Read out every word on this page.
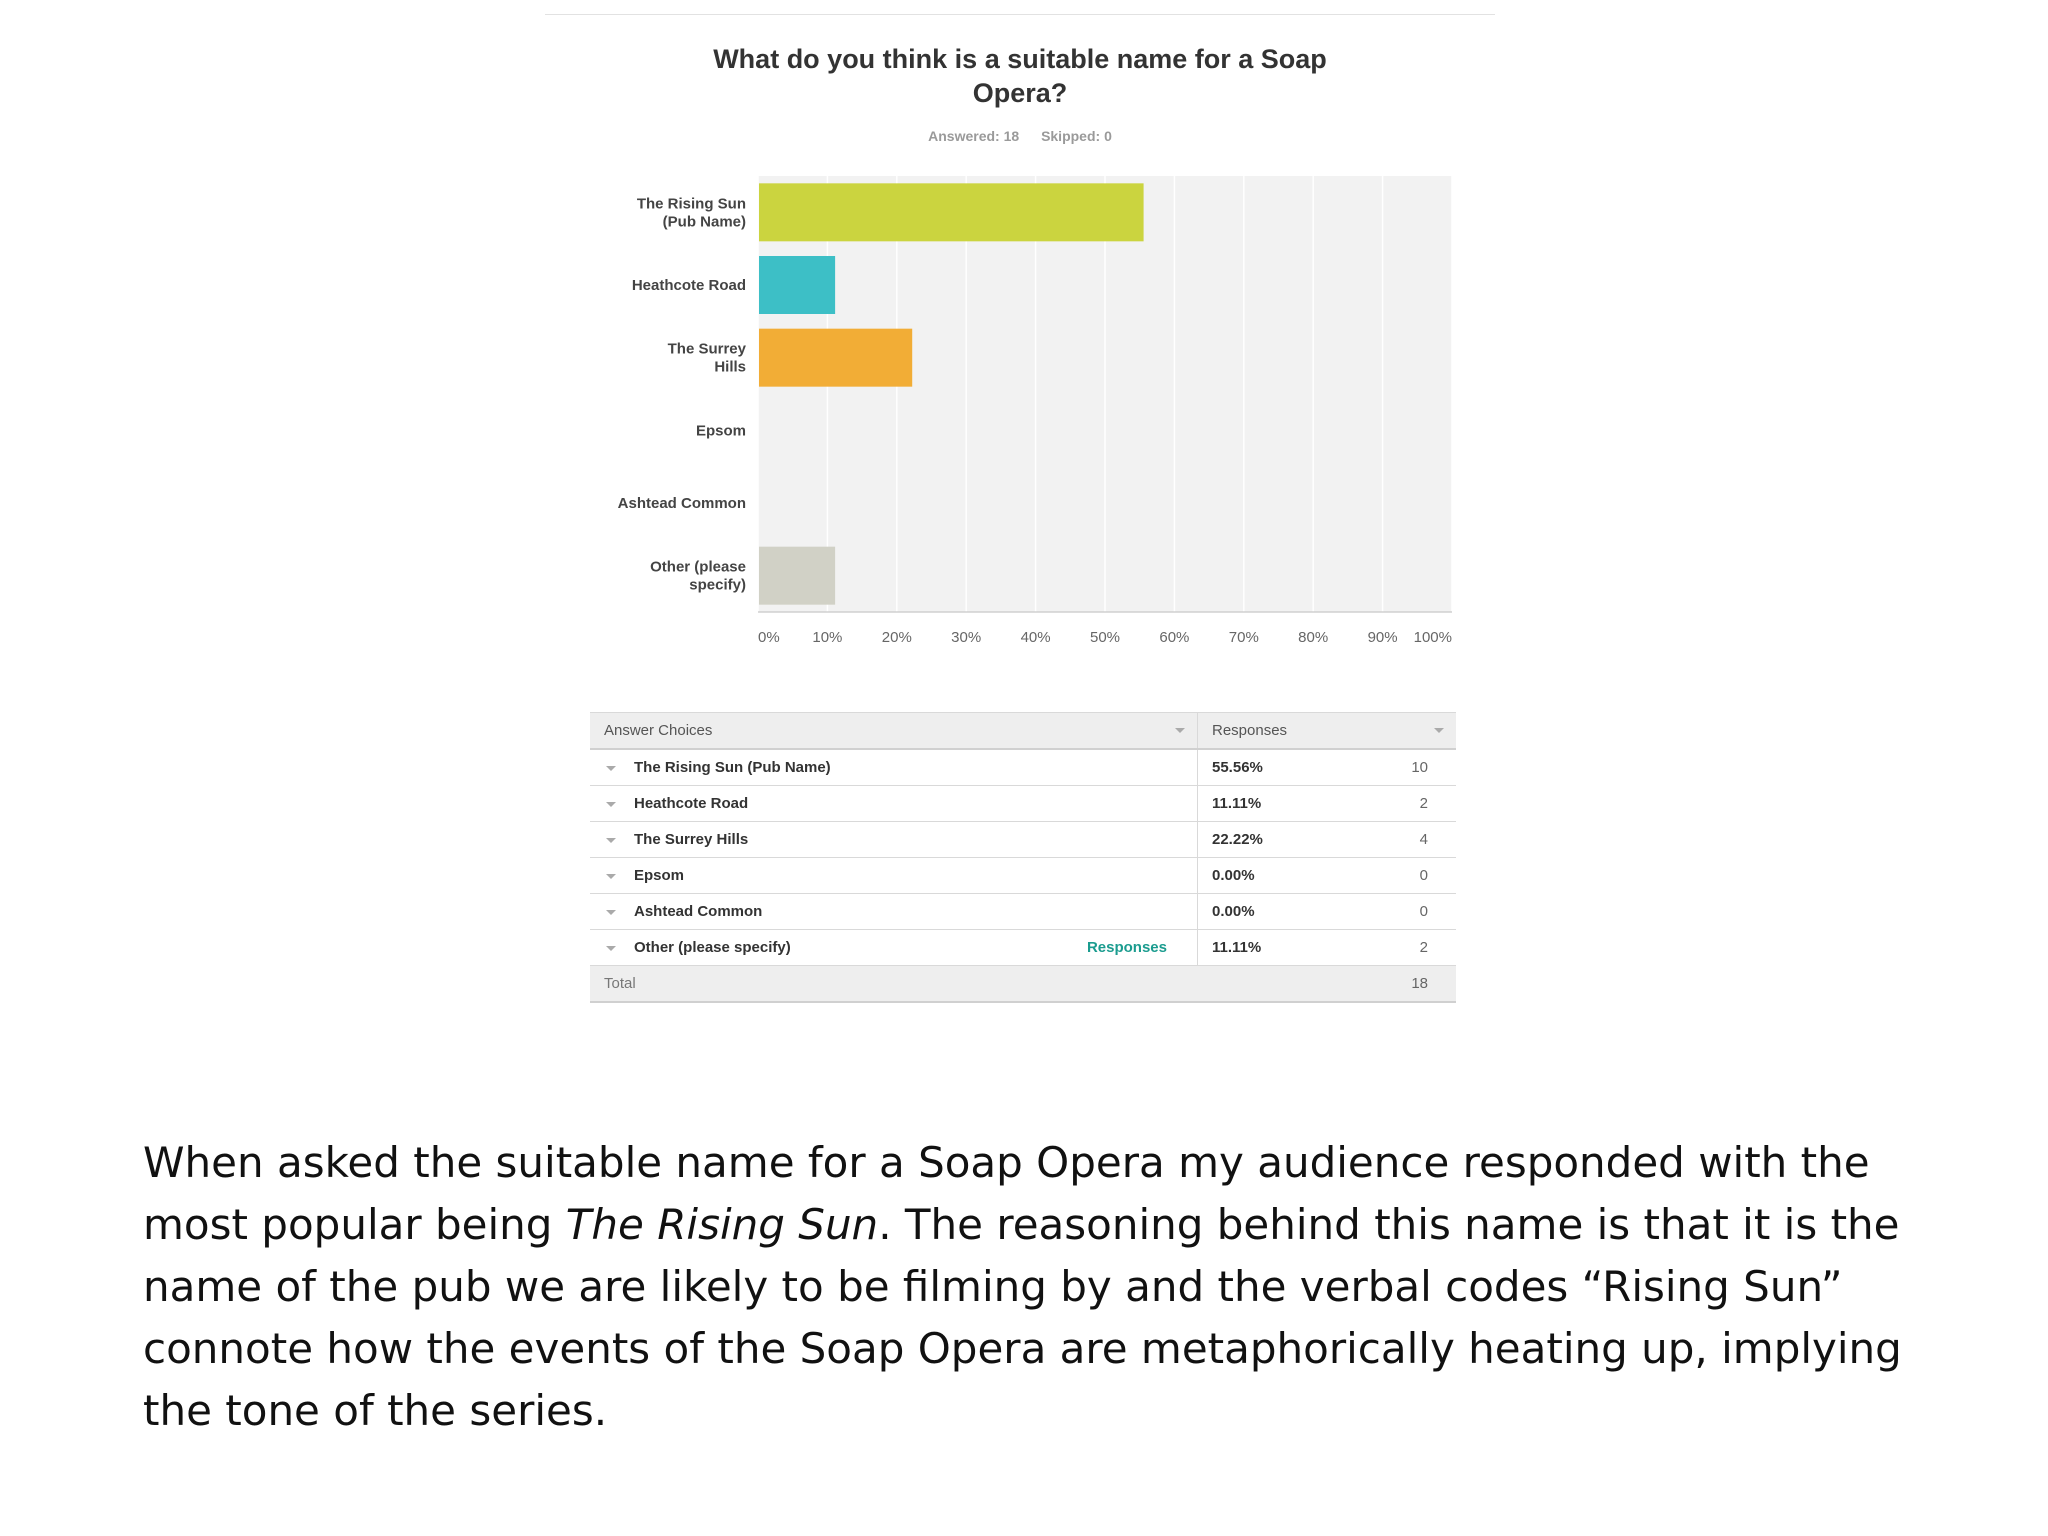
What do you think is a suitable name for a Soap Opera?
Answered: 18 Skipped: 0
The Rising Sun
(Pub Name)
Heathcote Road
The Surrey
Hills
Epsom
Ashtead Common
Other (please
specify)
0% 10%	20%	30%	40%	50%	60%	70%	80%	90% 100%
Answer Choices	Responses	

The Rising Sun (Pub Name)	55.56%	10
Heathcote Road	11.11%	2
The Surrey Hills	22.22%	4
Epsom	0.00%	0
Ashtead Common	0.00%	0
Other (please specify) Responses	11.11%	2
Total		18

When asked the suitable name for a Soap Opera my audience responded with the most popular being The Rising Sun. The reasoning behind this name is that it is the name of the pub we are likely to be filming by and the verbal codes “Rising Sun” connote how the events of the Soap Opera are metaphorically heating up, implying the tone of the series.
